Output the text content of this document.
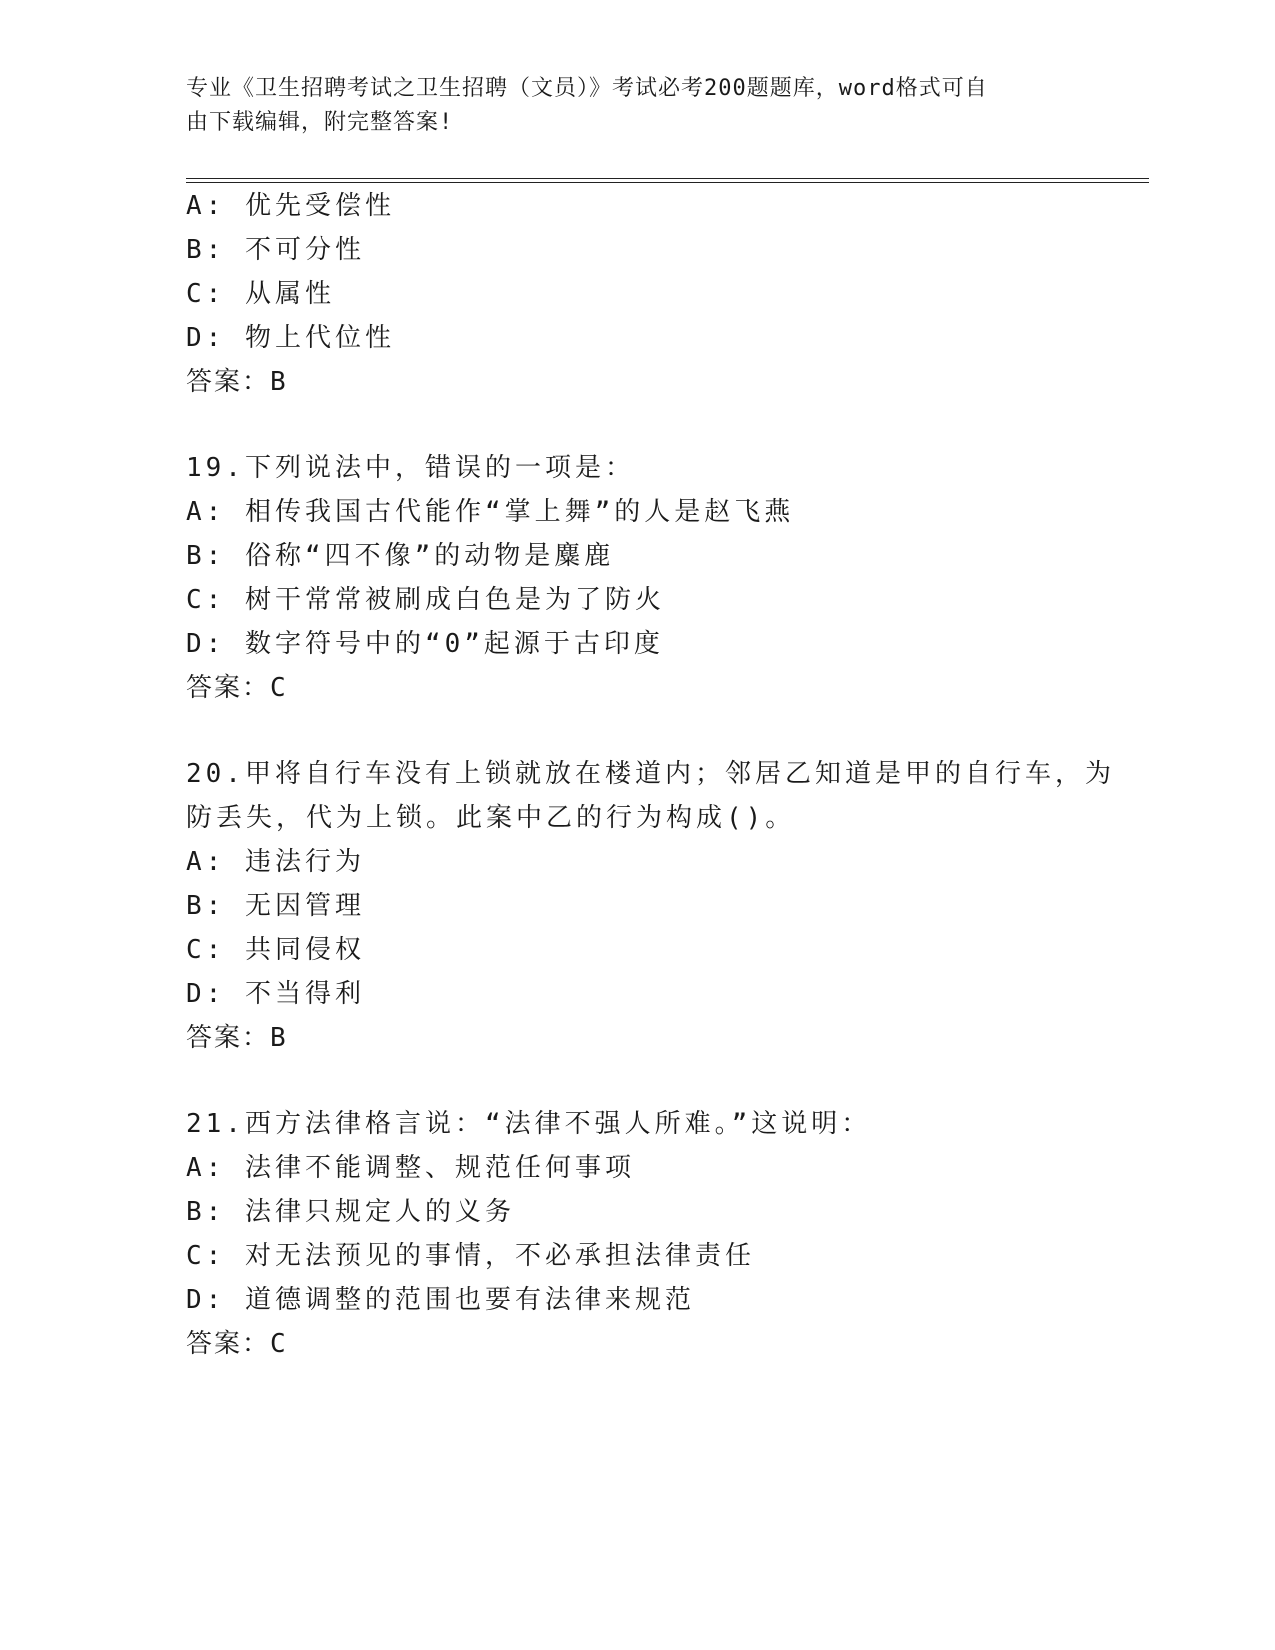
专业《卫生招聘考试之卫生招聘（文员）》考试必考200题题库，word格式可自
由下载编辑，附完整答案!
A: 优先受偿性
B: 不可分性
C: 从属性
D: 物上代位性
答案：B
19.下列说法中，错误的一项是：
A: 相传我国古代能作“掌上舞”的人是赵飞燕
B: 俗称“四不像”的动物是麋鹿
C: 树干常常被刷成白色是为了防火
D: 数字符号中的“0”起源于古印度
答案：C
20.甲将自行车没有上锁就放在楼道内；邻居乙知道是甲的自行车，为
防丢失，代为上锁。此案中乙的行为构成()。
A: 违法行为
B: 无因管理
C: 共同侵权
D: 不当得利
答案：B
21.西方法律格言说：“法律不强人所难。”这说明：
A: 法律不能调整、规范任何事项
B: 法律只规定人的义务
C: 对无法预见的事情，不必承担法律责任
D: 道德调整的范围也要有法律来规范
答案：C
